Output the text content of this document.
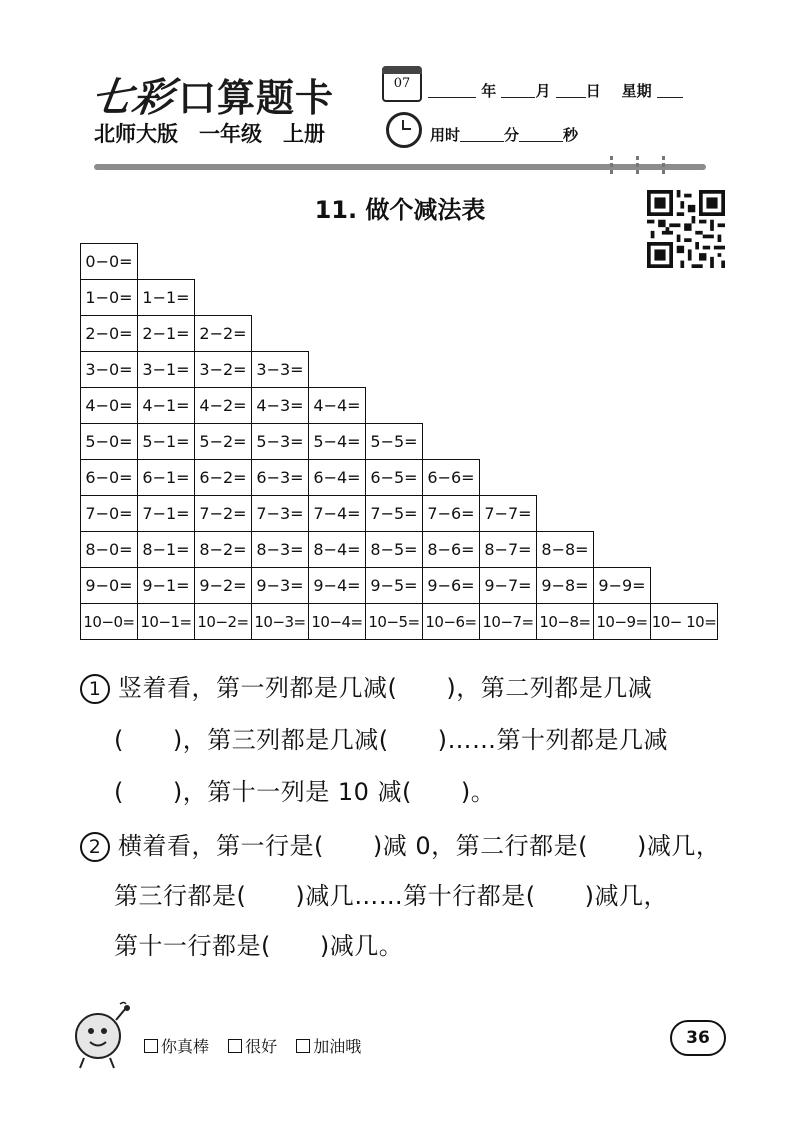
七彩口算题卡
北师大版　一年级　上册
07	年	月 日 星期
用时	分	秒
11. 做个减法表
0−0=
1−0= 1−1=
2−0= 2−1= 2−2=
3−0= 3−1= 3−2= 3−3=
4−0= 4−1= 4−2= 4−3= 4−4=
5−0= 5−1= 5−2= 5−3= 5−4= 5−5=
6−0= 6−1= 6−2= 6−3= 6−4= 6−5= 6−6=
7−0= 7−1= 7−2= 7−3= 7−4= 7−5= 7−6= 7−7=
8−0= 8−1= 8−2= 8−3= 8−4= 8−5= 8−6= 8−7= 8−8=
9−0= 9−1= 9−2= 9−3= 9−4= 9−5= 9−6= 9−7= 9−8= 9−9=
10−0= 10−1= 10−2= 10−3= 10−4= 10−5= 10−6= 10−7= 10−8= 10−9= 10− 10=
1 竖着看，第一列都是几减(　　)，第二列都是几减
(　　)，第三列都是几减(　　)……第十列都是几减
(　　)，第十一列是 10 减(　　)。
2 横着看，第一行是(　　)减 0，第二行都是(　　)减几，
第三行都是(　　)减几……第十行都是(　　)减几，
第十一行都是(　　)减几。
你真棒 很好 加油哦	36
